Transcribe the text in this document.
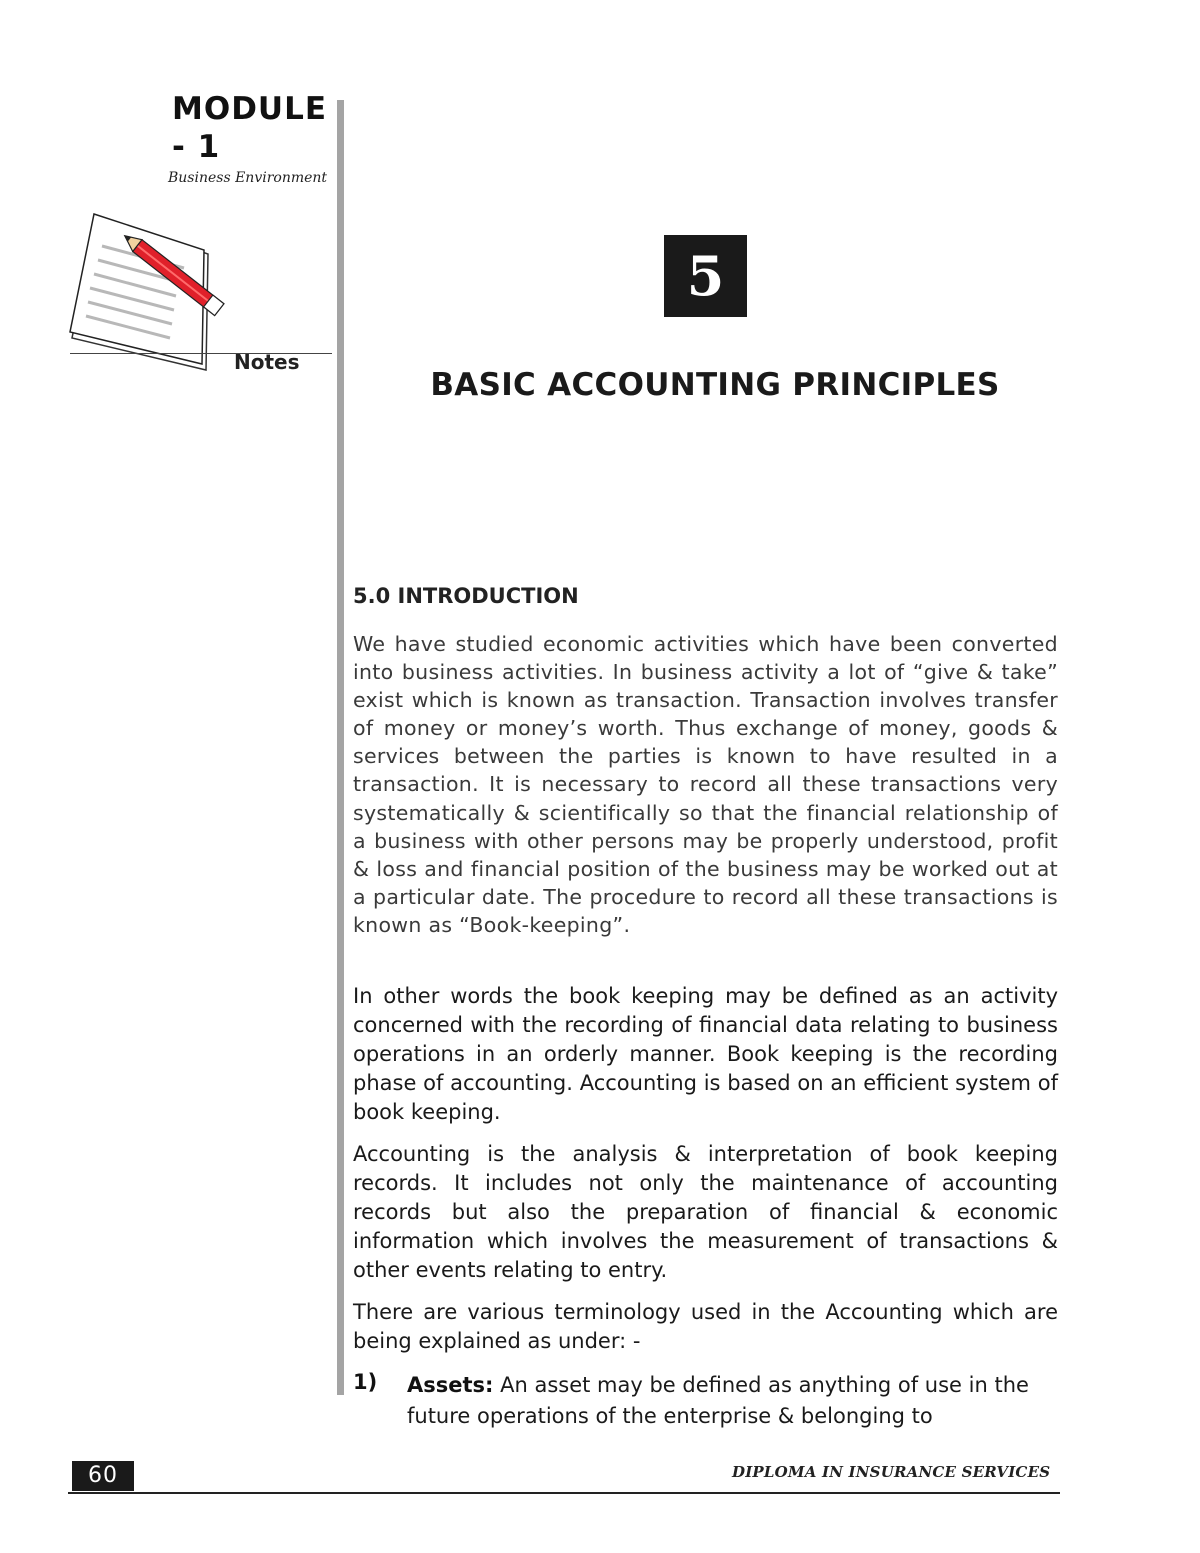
MODULE - 1
Business Environment
Notes
5
BASIC ACCOUNTING PRINCIPLES
5.0 INTRODUCTION

We have studied economic activities which have been converted into business activities. In business activity a lot of “give & take” exist which is known as transaction. Transaction involves transfer of money or money’s worth. Thus exchange of money, goods & services between the parties is known to have resulted in a transaction. It is necessary to record all these transactions very systematically & scientifically so that the financial relationship of a business with other persons may be properly understood, profit & loss and financial position of the business may be worked out at a particular date. The procedure to record all these transactions is known as “Book-keeping”.

In other words the book keeping may be defined as an activity concerned with the recording of financial data relating to business operations in an orderly manner. Book keeping is the recording phase of accounting. Accounting is based on an efficient system of book keeping.

Accounting is the analysis & interpretation of book keeping records. It includes not only the maintenance of accounting records but also the preparation of financial & economic information which involves the measurement of transactions & other events relating to entry.

There are various terminology used in the Accounting which are being explained as under: -

1) Assets: An asset may be defined as anything of use in the future operations of the enterprise & belonging to
60	DIPLOMA IN INSURANCE SERVICES
